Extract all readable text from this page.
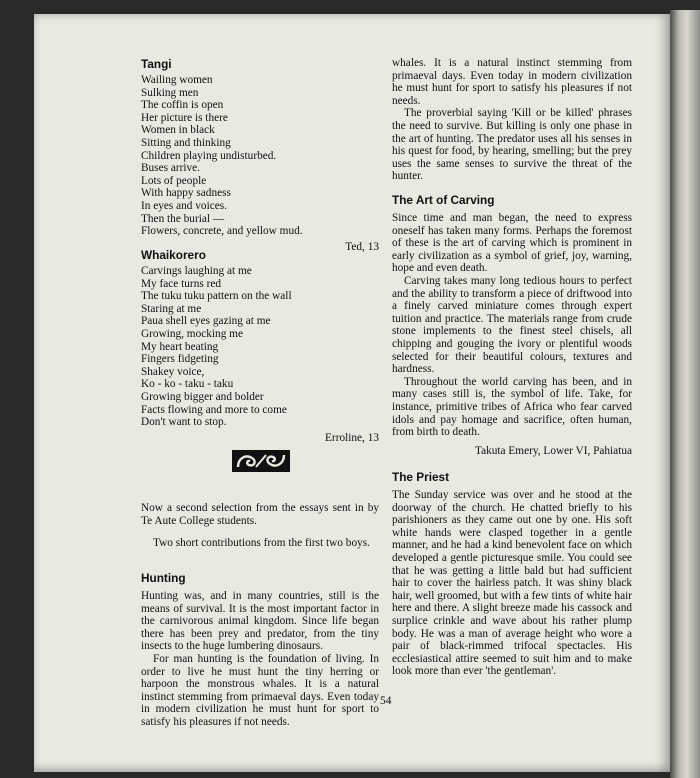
Tangi
Wailing women
Sulking men
The coffin is open
Her picture is there
Women in black
Sitting and thinking
Children playing undisturbed.
Buses arrive.
Lots of people
With happy sadness
In eyes and voices.
Then the burial —
Flowers, concrete, and yellow mud.
Ted, 13
Whaikorero
Carvings laughing at me
My face turns red
The tuku tuku pattern on the wall
Staring at me
Paua shell eyes gazing at me
Growing, mocking me
My heart beating
Fingers fidgeting
Shakey voice,
Ko - ko - taku - taku
Growing bigger and bolder
Facts flowing and more to come
Don't want to stop.
Erroline, 13

Now a second selection from the essays sent in by Te Aute College students.

Two short contributions from the first two boys.

Hunting

Hunting was, and in many countries, still is the means of survival. It is the most important factor in the carnivorous animal kingdom. Since life began there has been prey and predator, from the tiny insects to the huge lumbering dinosaurs.

For man hunting is the foundation of living. In order to live he must hunt the tiny herring or harpoon the monstrous whales. It is a natural instinct stemming from primaeval days. Even today in modern civilization he must hunt for sport to satisfy his pleasures if not needs.

whales. It is a natural instinct stemming from primaeval days. Even today in modern civilization he must hunt for sport to satisfy his pleasures if not needs.

The proverbial saying 'Kill or be killed' phrases the need to survive. But killing is only one phase in the art of hunting. The predator uses all his senses in his quest for food, by hearing, smelling; but the prey uses the same senses to survive the threat of the hunter.

The Art of Carving

Since time and man began, the need to express oneself has taken many forms. Perhaps the foremost of these is the art of carving which is prominent in early civilization as a symbol of grief, joy, warning, hope and even death.

Carving takes many long tedious hours to perfect and the ability to transform a piece of driftwood into a finely carved miniature comes through expert tuition and practice. The materials range from crude stone implements to the finest steel chisels, all chipping and gouging the ivory or plentiful woods selected for their beautiful colours, textures and hardness.

Throughout the world carving has been, and in many cases still is, the symbol of life. Take, for instance, primitive tribes of Africa who fear carved idols and pay homage and sacrifice, often human, from birth to death.

Takuta Emery, Lower VI, Pahiatua
The Priest

The Sunday service was over and he stood at the doorway of the church. He chatted briefly to his parishioners as they came out one by one. His soft white hands were clasped together in a gentle manner, and he had a kind benevolent face on which developed a gentle picturesque smile. You could see that he was getting a little bald but had sufficient hair to cover the hairless patch. It was shiny black hair, well groomed, but with a few tints of white hair here and there. A slight breeze made his cassock and surplice crinkle and wave about his rather plump body. He was a man of average height who wore a pair of black-rimmed trifocal spectacles. His ecclesiastical attire seemed to suit him and to make look more than ever 'the gentleman'.

54
